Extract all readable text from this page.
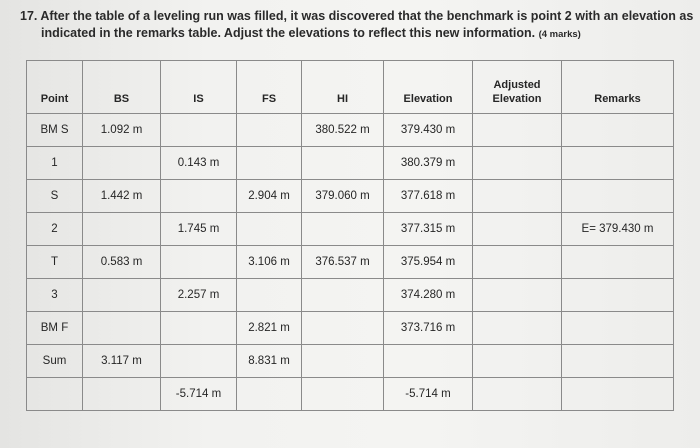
17. After the table of a leveling run was filled, it was discovered that the benchmark is point 2 with an elevation as
indicated in the remarks table. Adjust the elevations to reflect this new information. (4 marks)
Point	BS	IS	FS	HI	Elevation	Adjusted Elevation	Remarks
BM S	1.092 m			380.522 m	379.430 m		
1		0.143 m			380.379 m		
S	1.442 m		2.904 m	379.060 m	377.618 m		
2		1.745 m			377.315 m		E= 379.430 m
T	0.583 m		3.106 m	376.537 m	375.954 m		
3		2.257 m			374.280 m		
BM F			2.821 m		373.716 m		
Sum	3.117 m		8.831 m				
		-5.714 m			-5.714 m		
